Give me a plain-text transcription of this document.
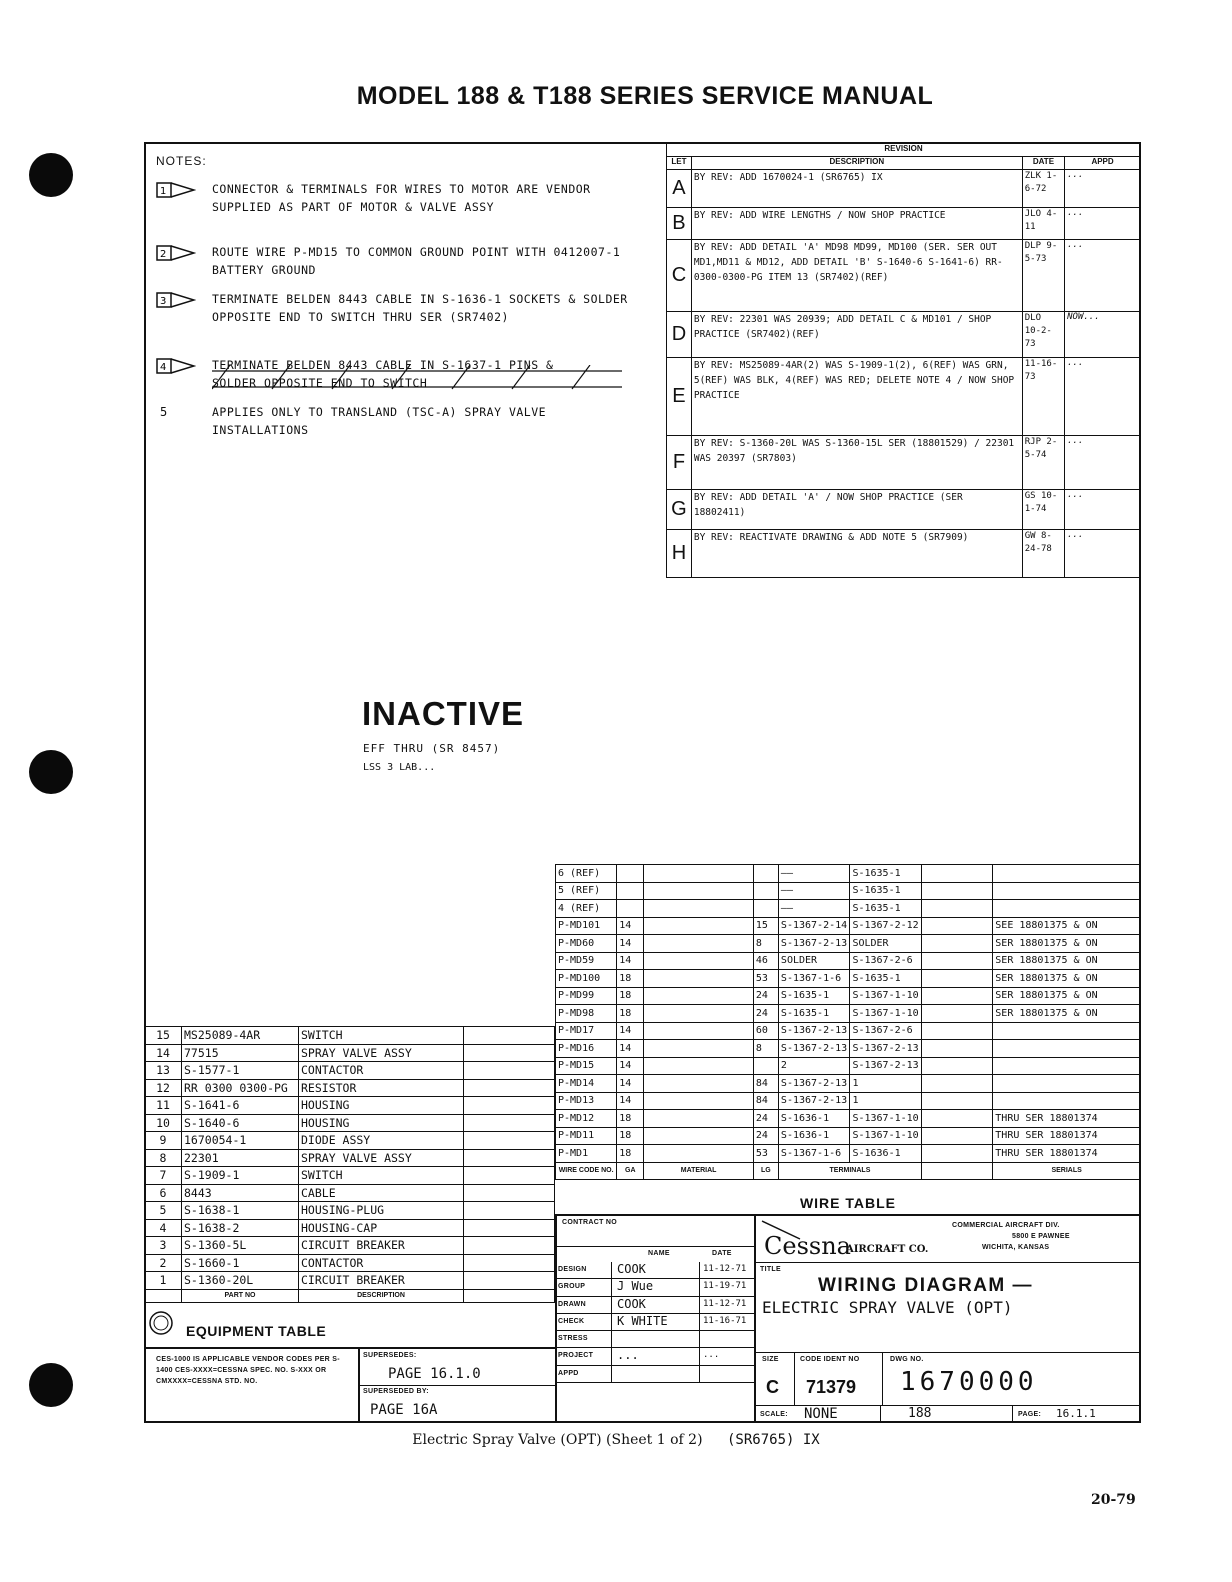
MODEL 188 & T188 SERIES SERVICE MANUAL
NOTES:
1	CONNECTOR & TERMINALS FOR WIRES TO MOTOR ARE VENDOR SUPPLIED AS PART OF MOTOR & VALVE ASSY
2	ROUTE WIRE P-MD15 TO COMMON GROUND POINT WITH 0412007-1 BATTERY GROUND
3	TERMINATE BELDEN 8443 CABLE IN S-1636-1 SOCKETS & SOLDER OPPOSITE END TO SWITCH THRU SER (SR7402)
4	TERMINATE BELDEN 8443 CABLE IN S-1637-1 PINS & SOLDER OPPOSITE END TO SWITCH
5	APPLIES ONLY TO TRANSLAND (TSC-A) SPRAY VALVE INSTALLATIONS
REVISION			
LET	DESCRIPTION	DATE	APPD
A	BY REV: ADD 1670024-1 (SR6765) IX	ZLK 1-6-72	...
B	BY REV: ADD WIRE LENGTHS / NOW SHOP PRACTICE	JLO 4-11	...
C	BY REV: ADD DETAIL 'A' MD98 MD99, MD100 (SER. SER OUT MD1,MD11 & MD12, ADD DETAIL 'B' S-1640-6 S-1641-6) RR-0300-0300-PG ITEM 13 (SR7402)(REF)	DLP 9-5-73	...
D	BY REV: 22301 WAS 20939; ADD DETAIL C & MD101 / SHOP PRACTICE (SR7402)(REF)	DLO 10-2-73	NOW...
E	BY REV: MS25089-4AR(2) WAS S-1909-1(2), 6(REF) WAS GRN, 5(REF) WAS BLK, 4(REF) WAS RED; DELETE NOTE 4 / NOW SHOP PRACTICE	11-16-73	...
F	BY REV: S-1360-20L WAS S-1360-15L SER (18801529) / 22301 WAS 20397 (SR7803)	RJP 2-5-74	...
G	BY REV: ADD DETAIL 'A' / NOW SHOP PRACTICE (SER 18802411)	GS 10-1-74	...
H	BY REV: REACTIVATE DRAWING & ADD NOTE 5 (SR7909)	GW 8-24-78	...
INACTIVE
EFF THRU (SR 8457)
LSS 3 LAB...
6 (REF)				——	S-1635-1		
5 (REF)				——	S-1635-1		
4 (REF)				——	S-1635-1		
P-MD101	14		15	S-1367-2-14	S-1367-2-12		SEE 18801375 & ON
P-MD60	14		8	S-1367-2-13	SOLDER		SER 18801375 & ON
P-MD59	14		46	SOLDER	S-1367-2-6		SER 18801375 & ON
P-MD100	18		53	S-1367-1-6	S-1635-1		SER 18801375 & ON
P-MD99	18		24	S-1635-1	S-1367-1-10		SER 18801375 & ON
P-MD98	18		24	S-1635-1	S-1367-1-10		SER 18801375 & ON
P-MD17	14		60	S-1367-2-13	S-1367-2-6		
P-MD16	14		8	S-1367-2-13	S-1367-2-13		
P-MD15	14			2	S-1367-2-13		
P-MD14	14		84	S-1367-2-13	1		
P-MD13	14		84	S-1367-2-13	1		
P-MD12	18		24	S-1636-1	S-1367-1-10		THRU SER 18801374
P-MD11	18		24	S-1636-1	S-1367-1-10		THRU SER 18801374
P-MD1	18		53	S-1367-1-6	S-1636-1		THRU SER 18801374
WIRE CODE NO.	GA	MATERIAL	LG	TERMINALS			SERIALS
WIRE TABLE
15	MS25089-4AR	SWITCH	
14	77515	SPRAY VALVE ASSY	
13	S-1577-1	CONTACTOR	
12	RR 0300 0300-PG	RESISTOR	
11	S-1641-6	HOUSING	
10	S-1640-6	HOUSING	
9	1670054-1	DIODE ASSY	
8	22301	SPRAY VALVE ASSY	
7	S-1909-1	SWITCH	
6	8443	CABLE	
5	S-1638-1	HOUSING-PLUG	
4	S-1638-2	HOUSING-CAP	
3	S-1360-5L	CIRCUIT BREAKER	
2	S-1660-1	CONTACTOR	
1	S-1360-20L	CIRCUIT BREAKER	
	PART NO	DESCRIPTION	
EQUIPMENT TABLE
CES-1000 IS APPLICABLE VENDOR CODES PER S-1400 CES-XXXX=CESSNA SPEC. NO. S-XXX OR CMXXXX=CESSNA STD. NO.
SUPERSEDES:
PAGE 16.1.0
SUPERSEDED BY:
PAGE 16A
CONTRACT NO
NAME	DATE
DESIGN	COOK	11-12-71
GROUP	J Wue	11-19-71
DRAWN	COOK	11-12-71
CHECK	K WHITE	11-16-71
STRESS
PROJECT ...	...
APPD
Cessna
AIRCRAFT CO.
COMMERCIAL AIRCRAFT DIV.
5800 E PAWNEE
WICHITA, KANSAS
TITLE
WIRING DIAGRAM —
ELECTRIC SPRAY VALVE (OPT)
SIZE
C
CODE IDENT NO
71379
DWG NO.
1670000
SCALE: NONE	188	PAGE: 16.1.1
Electric Spray Valve (OPT) (Sheet 1 of 2) (SR6765) IX
20-79
